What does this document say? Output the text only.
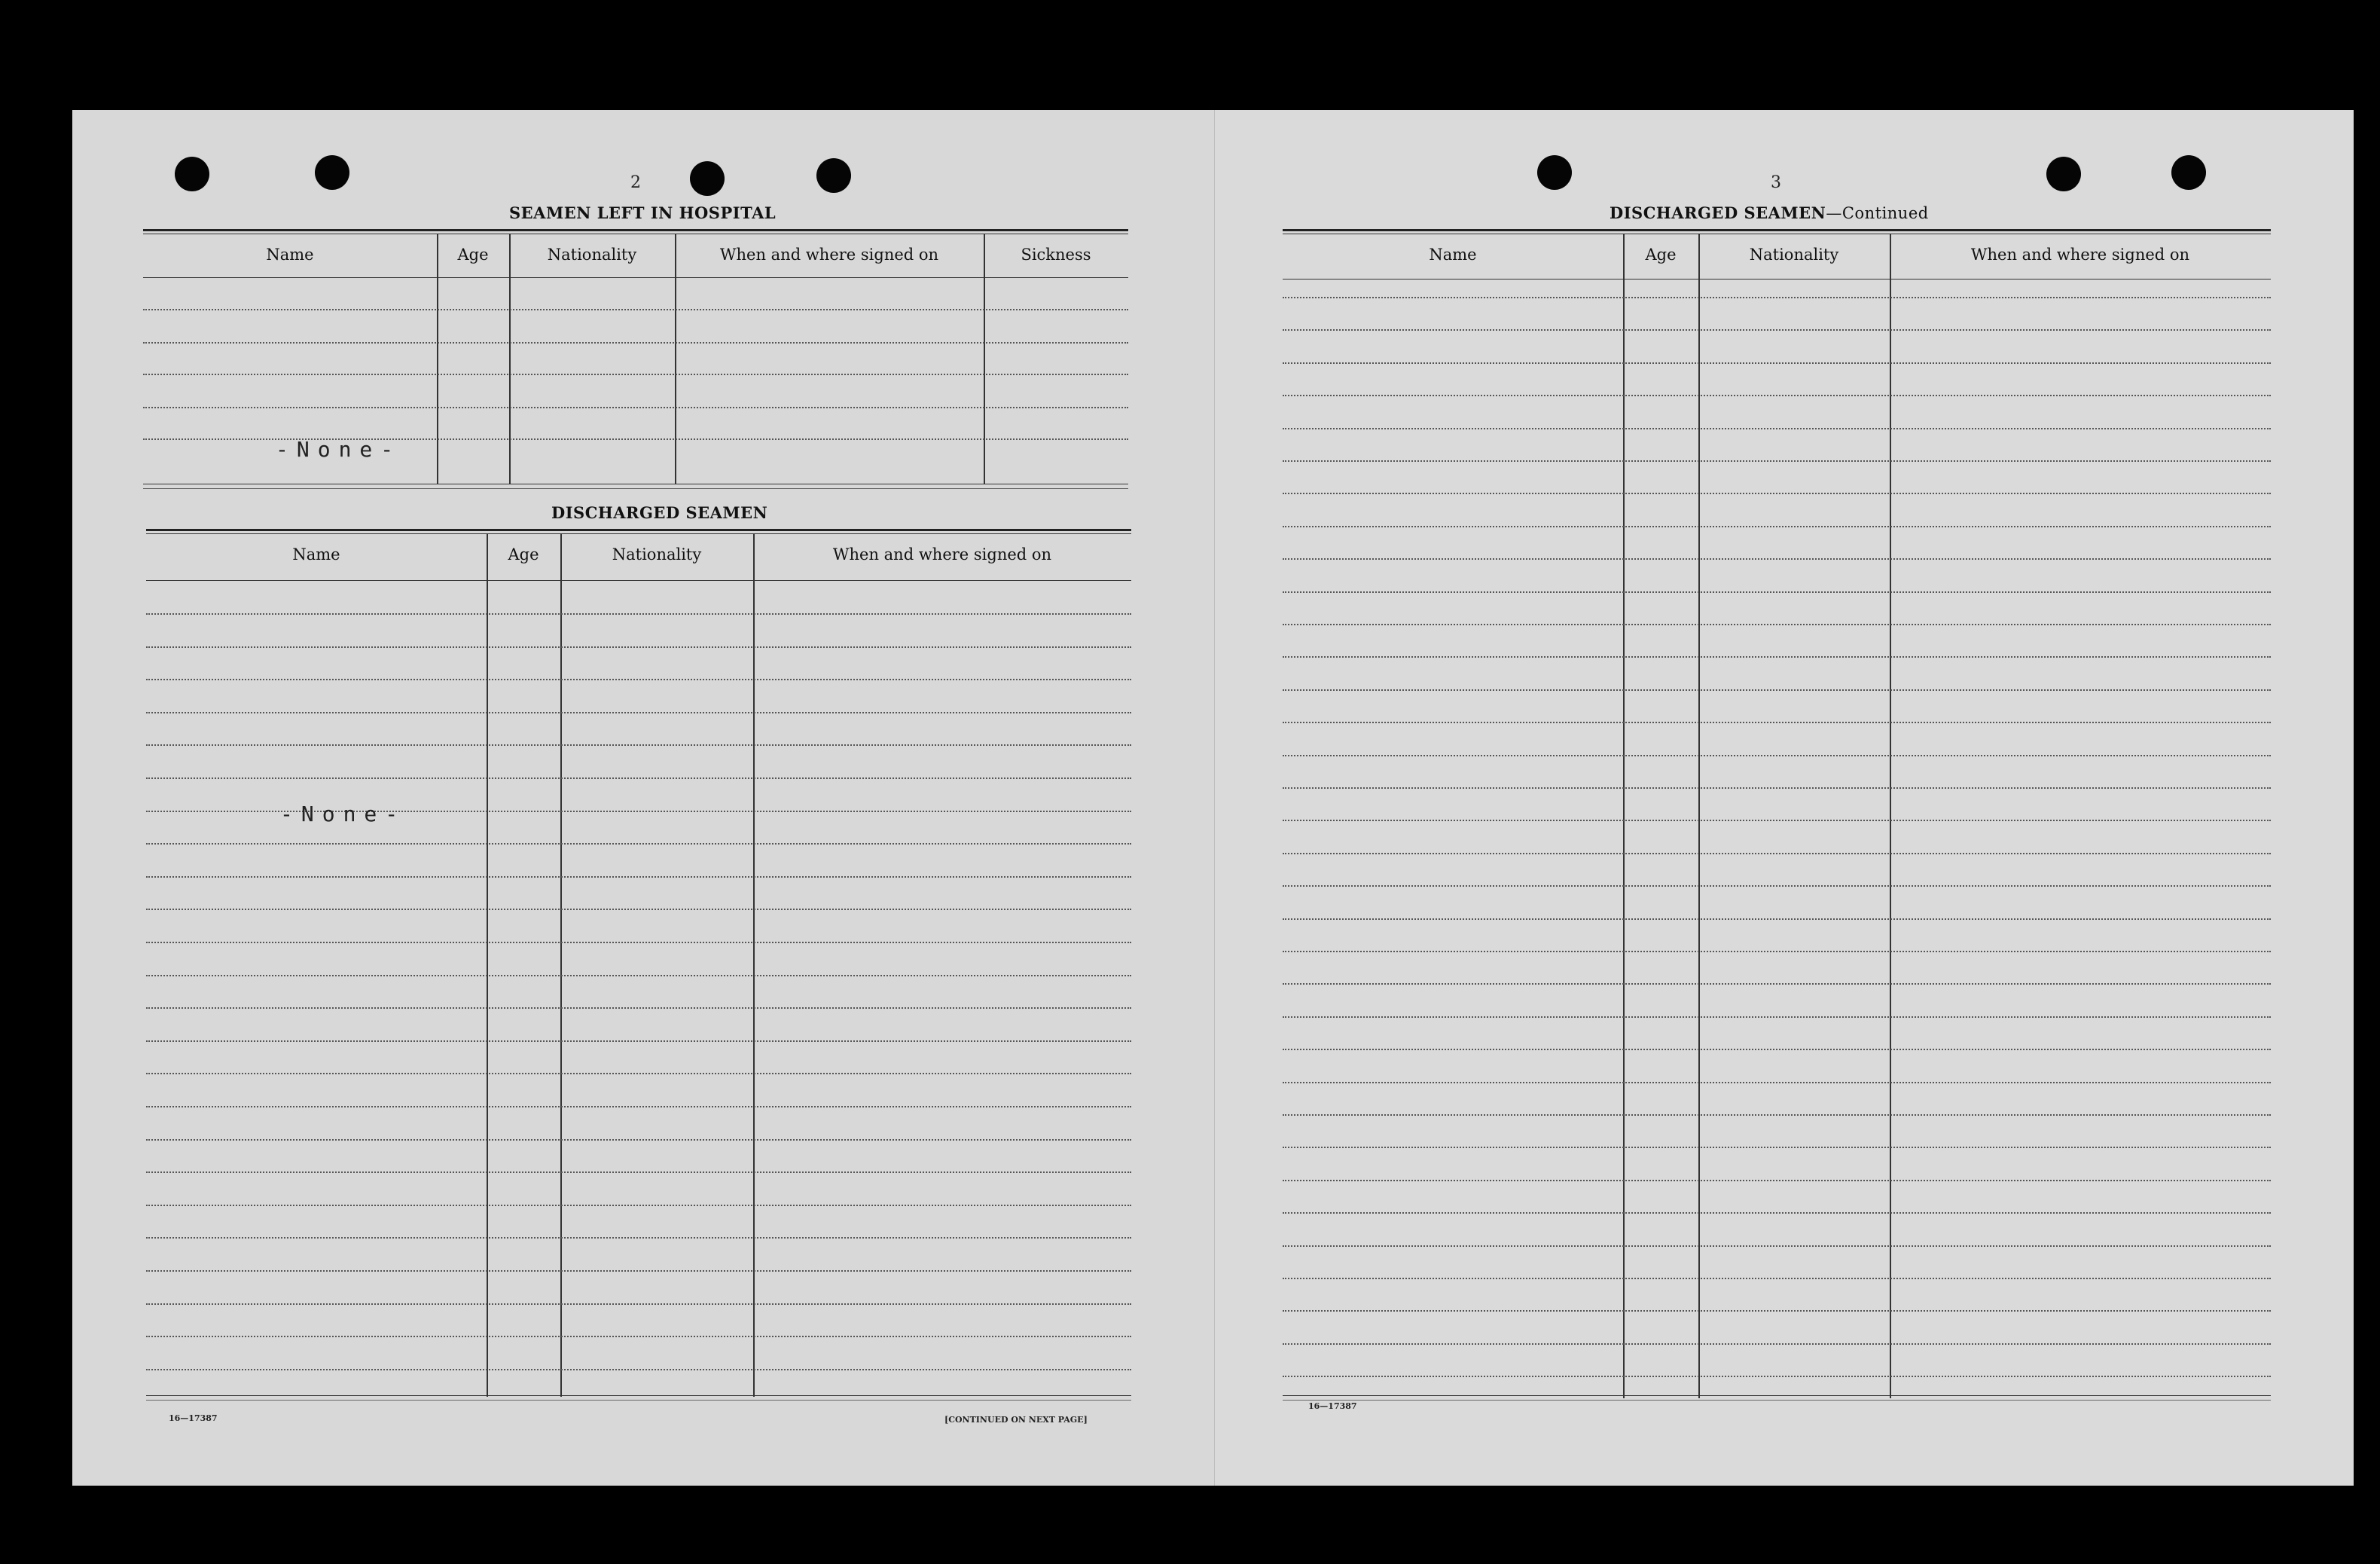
2
SEAMEN LEFT IN HOSPITAL
Name	Age	Nationality	When and where signed on	Sickness
-None-
DISCHARGED SEAMEN
Name	Age	Nationality	When and where signed on
-None-
16—17387	[CONTINUED ON NEXT PAGE]
3
DISCHARGED SEAMEN—Continued
Name	Age	Nationality	When and where signed on
16—17387
